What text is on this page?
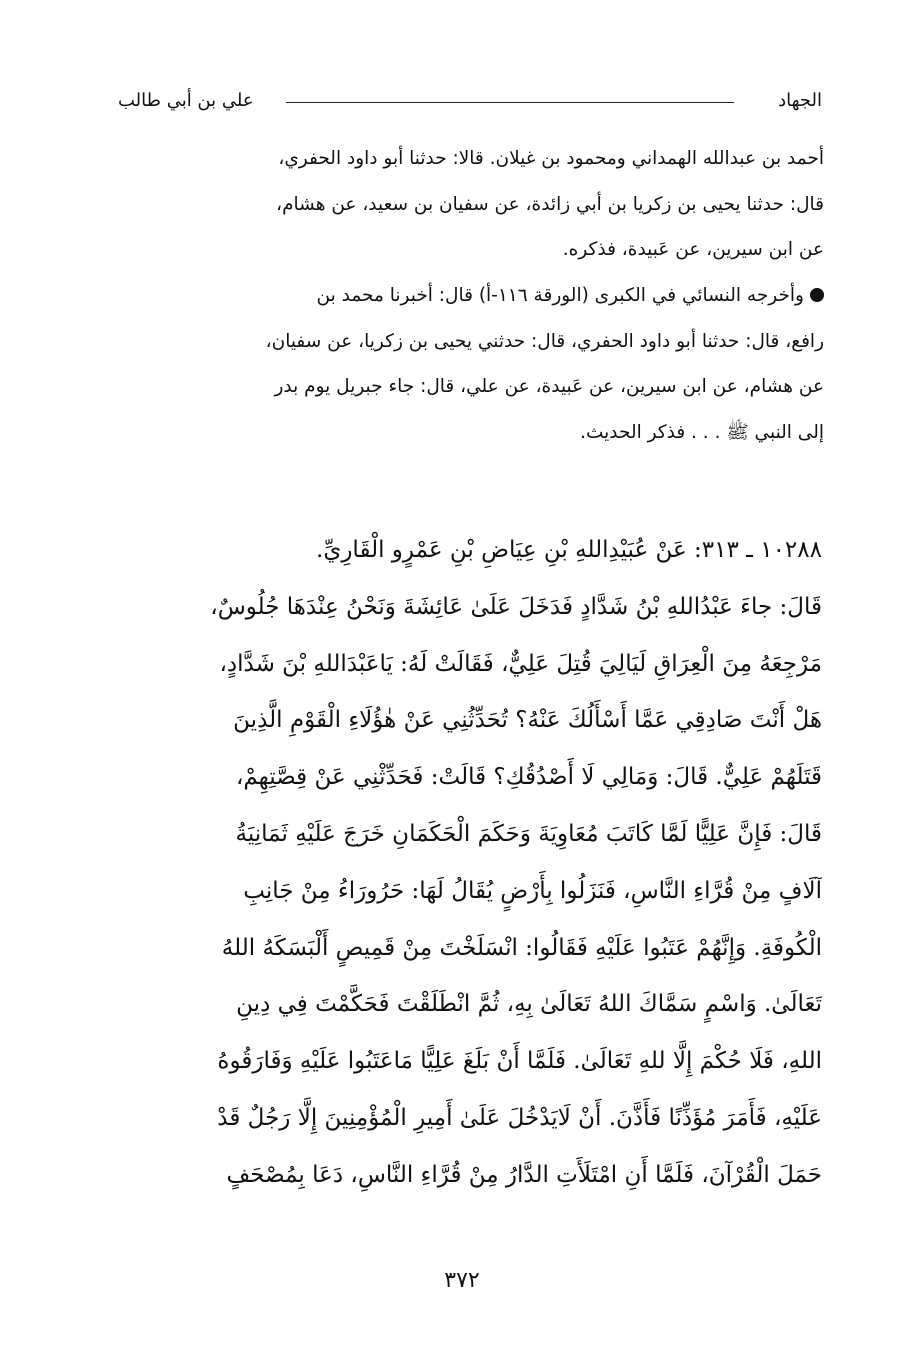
الجهاد
علي بن أبي طالب
أحمد بن عبدالله الهمداني ومحمود بن غيلان. قالا: حدثنا أبو داود الحفري،
قال: حدثنا يحيى بن زكريا بن أبي زائدة، عن سفيان بن سعيد، عن هشام،
عن ابن سيرين، عن عَبيدة، فذكره.
وأخرجه النسائي في الكبرى (الورقة ١١٦-أ) قال: أخبرنا محمد بن
رافع، قال: حدثنا أبو داود الحفري، قال: حدثني يحيى بن زكريا، عن سفيان،
عن هشام، عن ابن سيرين، عن عَبيدة، عن علي، قال: جاء جبريل يوم بدر
إلى النبي ﷺ . . . فذكر الحديث.
١٠٢٨٨ ـ ٣١٣: عَنْ عُبَيْدِاللهِ بْنِ عِيَاضِ بْنِ عَمْرٍو الْقَارِيِّ.
قَالَ: جاءَ عَبْدُاللهِ بْنُ شَدَّادٍ فَدَخَلَ عَلَىٰ عَائِشَةَ وَنَحْنُ عِنْدَهَا جُلُوسٌ،
مَرْجِعَهُ مِنَ الْعِرَاقِ لَيَالِيَ قُتِلَ عَلِيٌّ، فَقَالَتْ لَهُ: يَاعَبْدَاللهِ بْنَ شَدَّادٍ،
هَلْ أَنْتَ صَادِقِي عَمَّا أَسْأَلُكَ عَنْهُ؟ تُحَدِّثُنِي عَنْ هٰؤُلَاءِ الْقَوْمِ الَّذِينَ
قَتَلَهُمْ عَلِيٌّ. قَالَ: وَمَالِي لَا أَصْدُقُكِ؟ قَالَتْ: فَحَدِّثْنِي عَنْ قِصَّتِهِمْ،
قَالَ: فَإِنَّ عَلِيًّا لَمَّا كَاتَبَ مُعَاوِيَةَ وَحَكَمَ الْحَكَمَانِ خَرَجَ عَلَيْهِ ثَمَانِيَةُ
آلَافٍ مِنْ قُرَّاءِ النَّاسِ، فَنَزَلُوا بِأَرْضٍ يُقَالُ لَهَا: حَرُورَاءُ مِنْ جَانِبِ
الْكُوفَةِ. وَإِنَّهُمْ عَتَبُوا عَلَيْهِ فَقَالُوا: انْسَلَخْتَ مِنْ قَمِيصٍ أَلْبَسَكَهُ اللهُ
تَعَالَىٰ. وَاسْمٍ سَمَّاكَ اللهُ تَعَالَىٰ بِهِ، ثُمَّ انْطَلَقْتَ فَحَكَّمْتَ فِي دِينِ
اللهِ، فَلَا حُكْمَ إِلَّا للهِ تَعَالَىٰ. فَلَمَّا أَنْ بَلَغَ عَلِيًّا مَاعَتَبُوا عَلَيْهِ وَفَارَقُوهُ
عَلَيْهِ، فَأَمَرَ مُؤَذِّنًا فَأَذَّنَ. أَنْ لَايَدْخُلَ عَلَىٰ أَمِيرِ الْمُؤْمِنِينَ إِلَّا رَجُلٌ قَدْ
حَمَلَ الْقُرْآنَ، فَلَمَّا أَنِ امْتَلَأَتِ الدَّارُ مِنْ قُرَّاءِ النَّاسِ، دَعَا بِمُصْحَفٍ
٣٧٢
